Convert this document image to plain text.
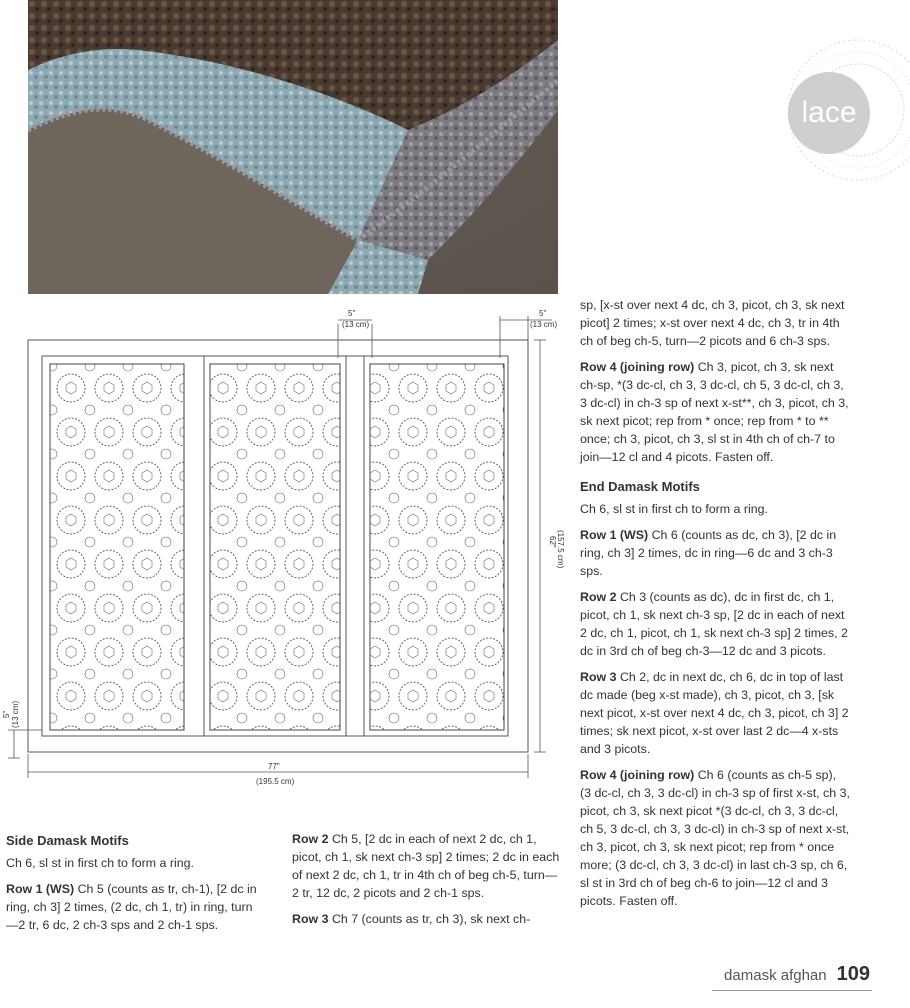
lace
5"
(13 cm)
5"
(13 cm)
62" (157.5 cm)
5" (13 cm)
77"
(195.5 cm)
Side Damask Motifs

Ch 6, sl st in first ch to form a ring.

Row 1 (WS) Ch 5 (counts as tr, ch-1), [2 dc in ring, ch 3] 2 times, (2 dc, ch 1, tr) in ring, turn—2 tr, 6 dc, 2 ch-3 sps and 2 ch-1 sps.

Row 2 Ch 5, [2 dc in each of next 2 dc, ch 1, picot, ch 1, sk next ch-3 sp] 2 times; 2 dc in each of next 2 dc, ch 1, tr in 4th ch of beg ch-5, turn—2 tr, 12 dc, 2 picots and 2 ch-1 sps.

Row 3 Ch 7 (counts as tr, ch 3), sk next ch-

sp, [x-st over next 4 dc, ch 3, picot, ch 3, sk next picot] 2 times; x-st over next 4 dc, ch 3, tr in 4th ch of beg ch-5, turn—2 picots and 6 ch-3 sps.

Row 4 (joining row) Ch 3, picot, ch 3, sk next ch-sp, *(3 dc-cl, ch 3, 3 dc-cl, ch 5, 3 dc-cl, ch 3, 3 dc-cl) in ch-3 sp of next x-st**, ch 3, picot, ch 3, sk next picot; rep from * once; rep from * to ** once; ch 3, picot, ch 3, sl st in 4th ch of ch-7 to join—12 cl and 4 picots. Fasten off.

End Damask Motifs

Ch 6, sl st in first ch to form a ring.

Row 1 (WS) Ch 6 (counts as dc, ch 3), [2 dc in ring, ch 3] 2 times, dc in ring—6 dc and 3 ch-3 sps.

Row 2 Ch 3 (counts as dc), dc in first dc, ch 1, picot, ch 1, sk next ch-3 sp, [2 dc in each of next 2 dc, ch 1, picot, ch 1, sk next ch-3 sp] 2 times, 2 dc in 3rd ch of beg ch-3—12 dc and 3 picots.

Row 3 Ch 2, dc in next dc, ch 6, dc in top of last dc made (beg x-st made), ch 3, picot, ch 3, [sk next picot, x-st over next 4 dc, ch 3, picot, ch 3] 2 times; sk next picot, x-st over last 2 dc—4 x-sts and 3 picots.

Row 4 (joining row) Ch 6 (counts as ch-5 sp), (3 dc-cl, ch 3, 3 dc-cl) in ch-3 sp of first x-st, ch 3, picot, ch 3, sk next picot *(3 dc-cl, ch 3, 3 dc-cl, ch 5, 3 dc-cl, ch 3, 3 dc-cl) in ch-3 sp of next x-st, ch 3, picot, ch 3, sk next picot; rep from * once more; (3 dc-cl, ch 3, 3 dc-cl) in last ch-3 sp, ch 6, sl st in 3rd ch of beg ch-6 to join—12 cl and 3 picots. Fasten off.

damask afghan 109
